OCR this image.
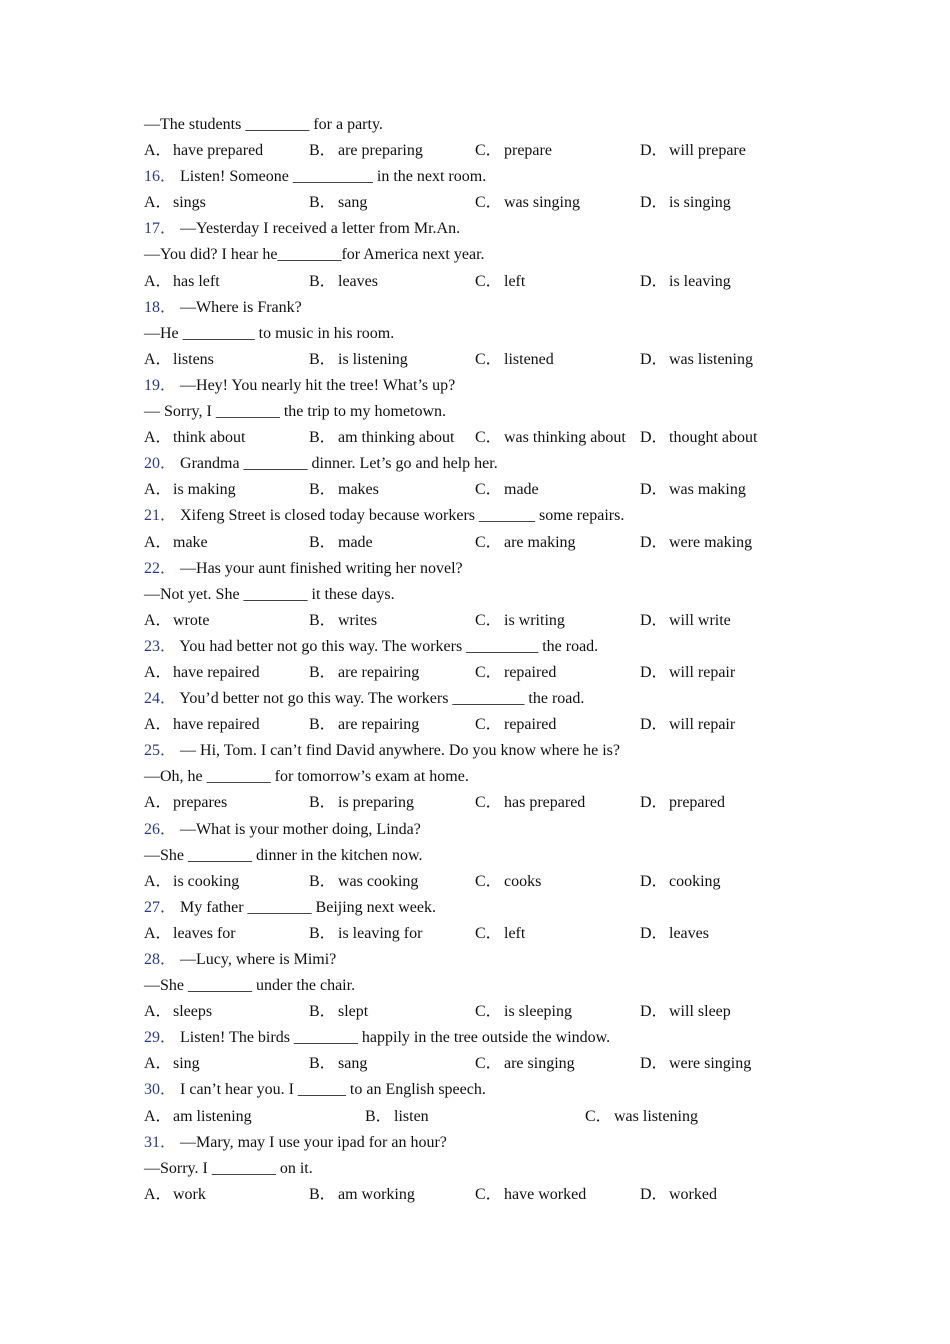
—The students ________ for a party.
A．have prepared	B． are preparing	C． prepare	D．will prepare
16． Listen! Someone __________ in the next room.
A．sings	B． sang	C． was singing	D．is singing
17． —Yesterday I received a letter from Mr.An.
—You did? I hear he________for America next year.
A．has left	B． leaves	C． left	D．is leaving
18． —Where is Frank?
—He _________ to music in his room.
A．listens	B． is listening	C． listened	D．was listening
19． —Hey! You nearly hit the tree! What’s up?
— Sorry, I ________ the trip to my hometown.
A．think about	B． am thinking about C． was thinking about D．thought about
20． Grandma ________ dinner. Let’s go and help her.
A．is making	B． makes	C． made	D．was making
21． Xifeng Street is closed today because workers _______ some repairs.
A．make	B． made	C． are making	D．were making
22． —Has your aunt finished writing her novel?
—Not yet. She ________ it these days.
A．wrote	B． writes	C． is writing	D．will write
23． You had better not go this way. The workers _________ the road.
A．have repaired	B． are repairing	C． repaired	D．will repair
24． You’d better not go this way. The workers _________ the road.
A．have repaired	B． are repairing	C． repaired	D．will repair
25． — Hi, Tom. I can’t find David anywhere. Do you know where he is?
—Oh, he ________ for tomorrow’s exam at home.
A．prepares	B． is preparing	C． has prepared	D．prepared
26． —What is your mother doing, Linda?
—She ________ dinner in the kitchen now.
A．is cooking	B． was cooking	C． cooks	D．cooking
27． My father ________ Beijing next week.
A．leaves for	B． is leaving for	C． left	D．leaves
28． —Lucy, where is Mimi?
—She ________ under the chair.
A．sleeps	B． slept	C． is sleeping	D．will sleep
29． Listen! The birds ________ happily in the tree outside the window.
A．sing	B． sang	C． are singing	D．were singing
30． I can’t hear you. I ______ to an English speech.
A．am listening	B． listen	C． was listening
31． —Mary, may I use your ipad for an hour?
—Sorry. I ________ on it.
A．work	B． am working	C． have worked	D．worked
